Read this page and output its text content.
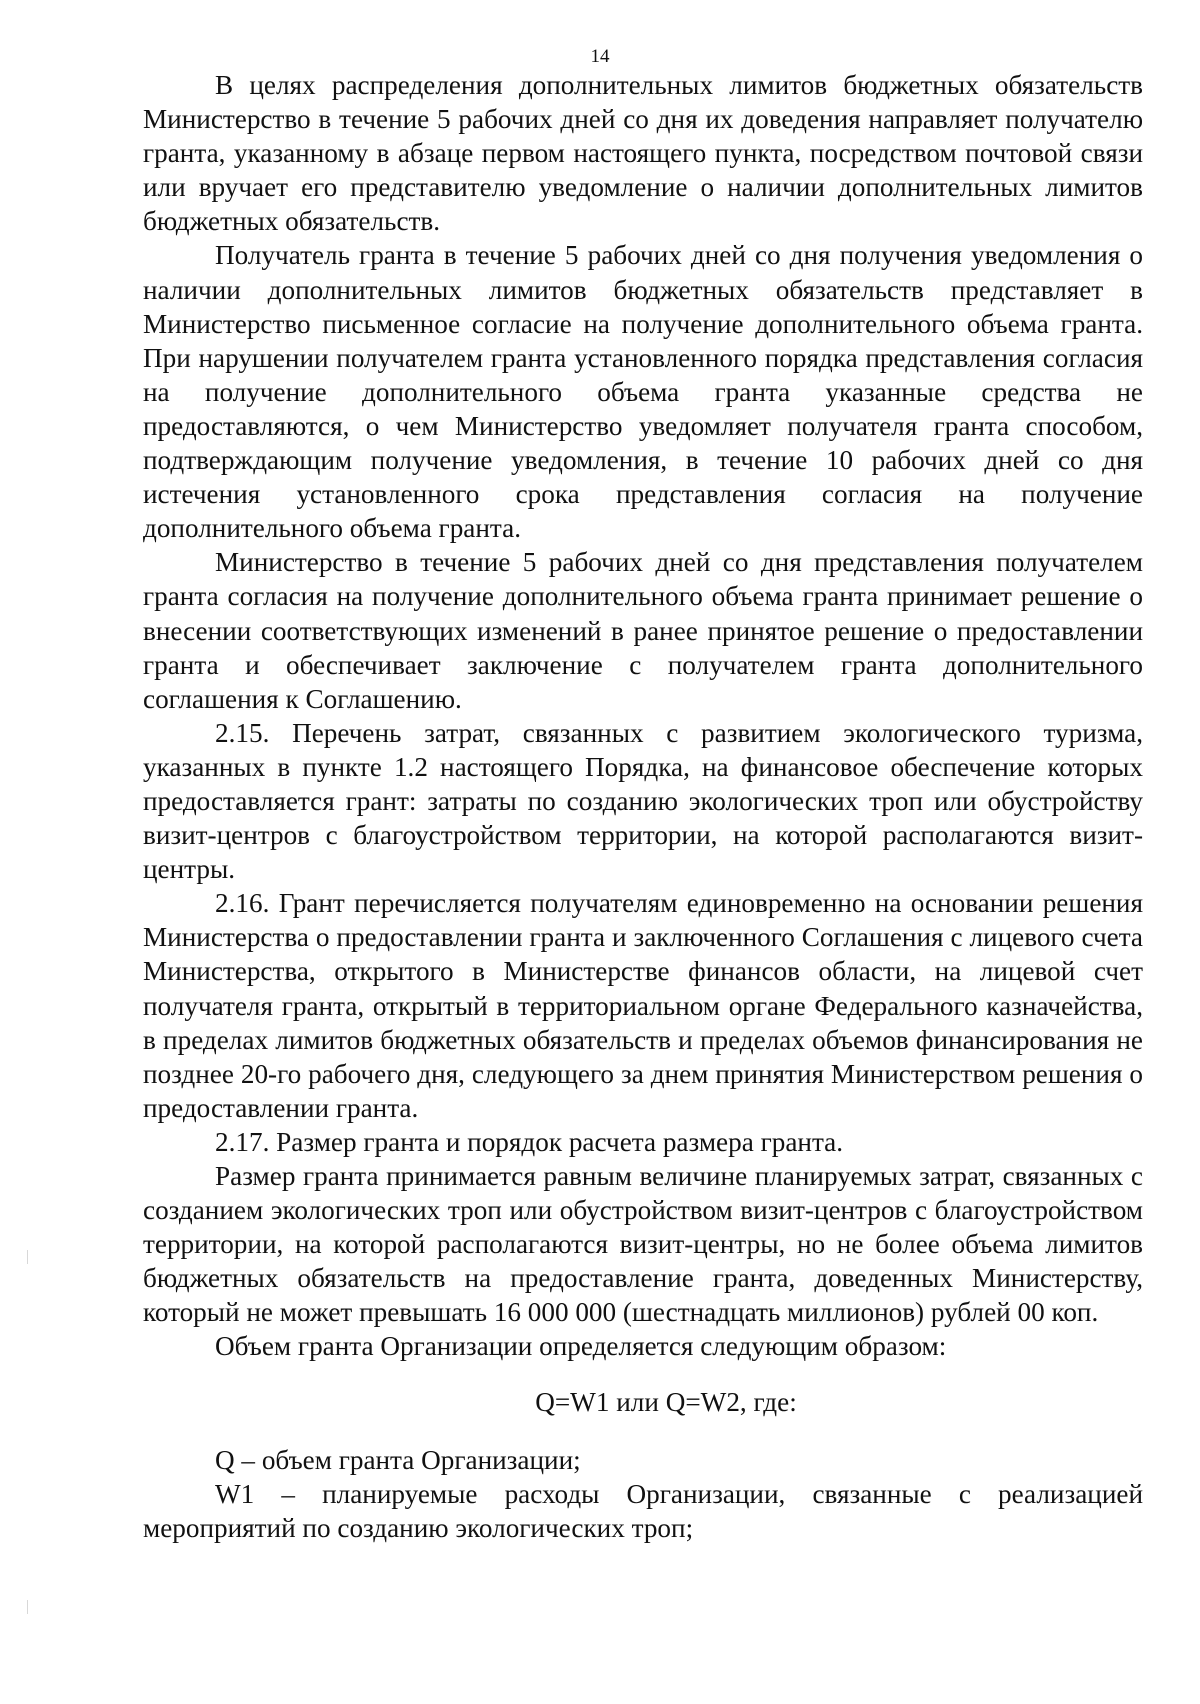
14

В целях распределения дополнительных лимитов бюджетных обязательств Министерство в течение 5 рабочих дней со дня их доведения направляет получателю гранта, указанному в абзаце первом настоящего пункта, посредством почтовой связи или вручает его представителю уведомление о наличии дополнительных лимитов бюджетных обязательств.

Получатель гранта в течение 5 рабочих дней со дня получения уведомления о наличии дополнительных лимитов бюджетных обязательств представляет в Министерство письменное согласие на получение дополнительного объема гранта. При нарушении получателем гранта установленного порядка представления согласия на получение дополнительного объема гранта указанные средства не предоставляются, о чем Министерство уведомляет получателя гранта способом, подтверждающим получение уведомления, в течение 10 рабочих дней со дня истечения установленного срока представления согласия на получение дополнительного объема гранта.

Министерство в течение 5 рабочих дней со дня представления получателем гранта согласия на получение дополнительного объема гранта принимает решение о внесении соответствующих изменений в ранее принятое решение о предоставлении гранта и обеспечивает заключение с получателем гранта дополнительного соглашения к Соглашению.

2.15. Перечень затрат, связанных с развитием экологического туризма, указанных в пункте 1.2 настоящего Порядка, на финансовое обеспечение которых предоставляется грант: затраты по созданию экологических троп или обустройству визит-центров с благоустройством территории, на которой располагаются визит-центры.

2.16. Грант перечисляется получателям единовременно на основании решения Министерства о предоставлении гранта и заключенного Соглашения с лицевого счета Министерства, открытого в Министерстве финансов области, на лицевой счет получателя гранта, открытый в территориальном органе Федерального казначейства, в пределах лимитов бюджетных обязательств и пределах объемов финансирования не позднее 20-го рабочего дня, следующего за днем принятия Министерством решения о предоставлении гранта.

2.17. Размер гранта и порядок расчета размера гранта.

Размер гранта принимается равным величине планируемых затрат, связанных с созданием экологических троп или обустройством визит-центров с благоустройством территории, на которой располагаются визит-центры, но не более объема лимитов бюджетных обязательств на предоставление гранта, доведенных Министерству, который не может превышать 16 000 000 (шестнадцать миллионов) рублей 00 коп.

Объем гранта Организации определяется следующим образом:

Q=W1 или Q=W2, где:

Q – объем гранта Организации;

W1 – планируемые расходы Организации, связанные с реализацией мероприятий по созданию экологических троп;
